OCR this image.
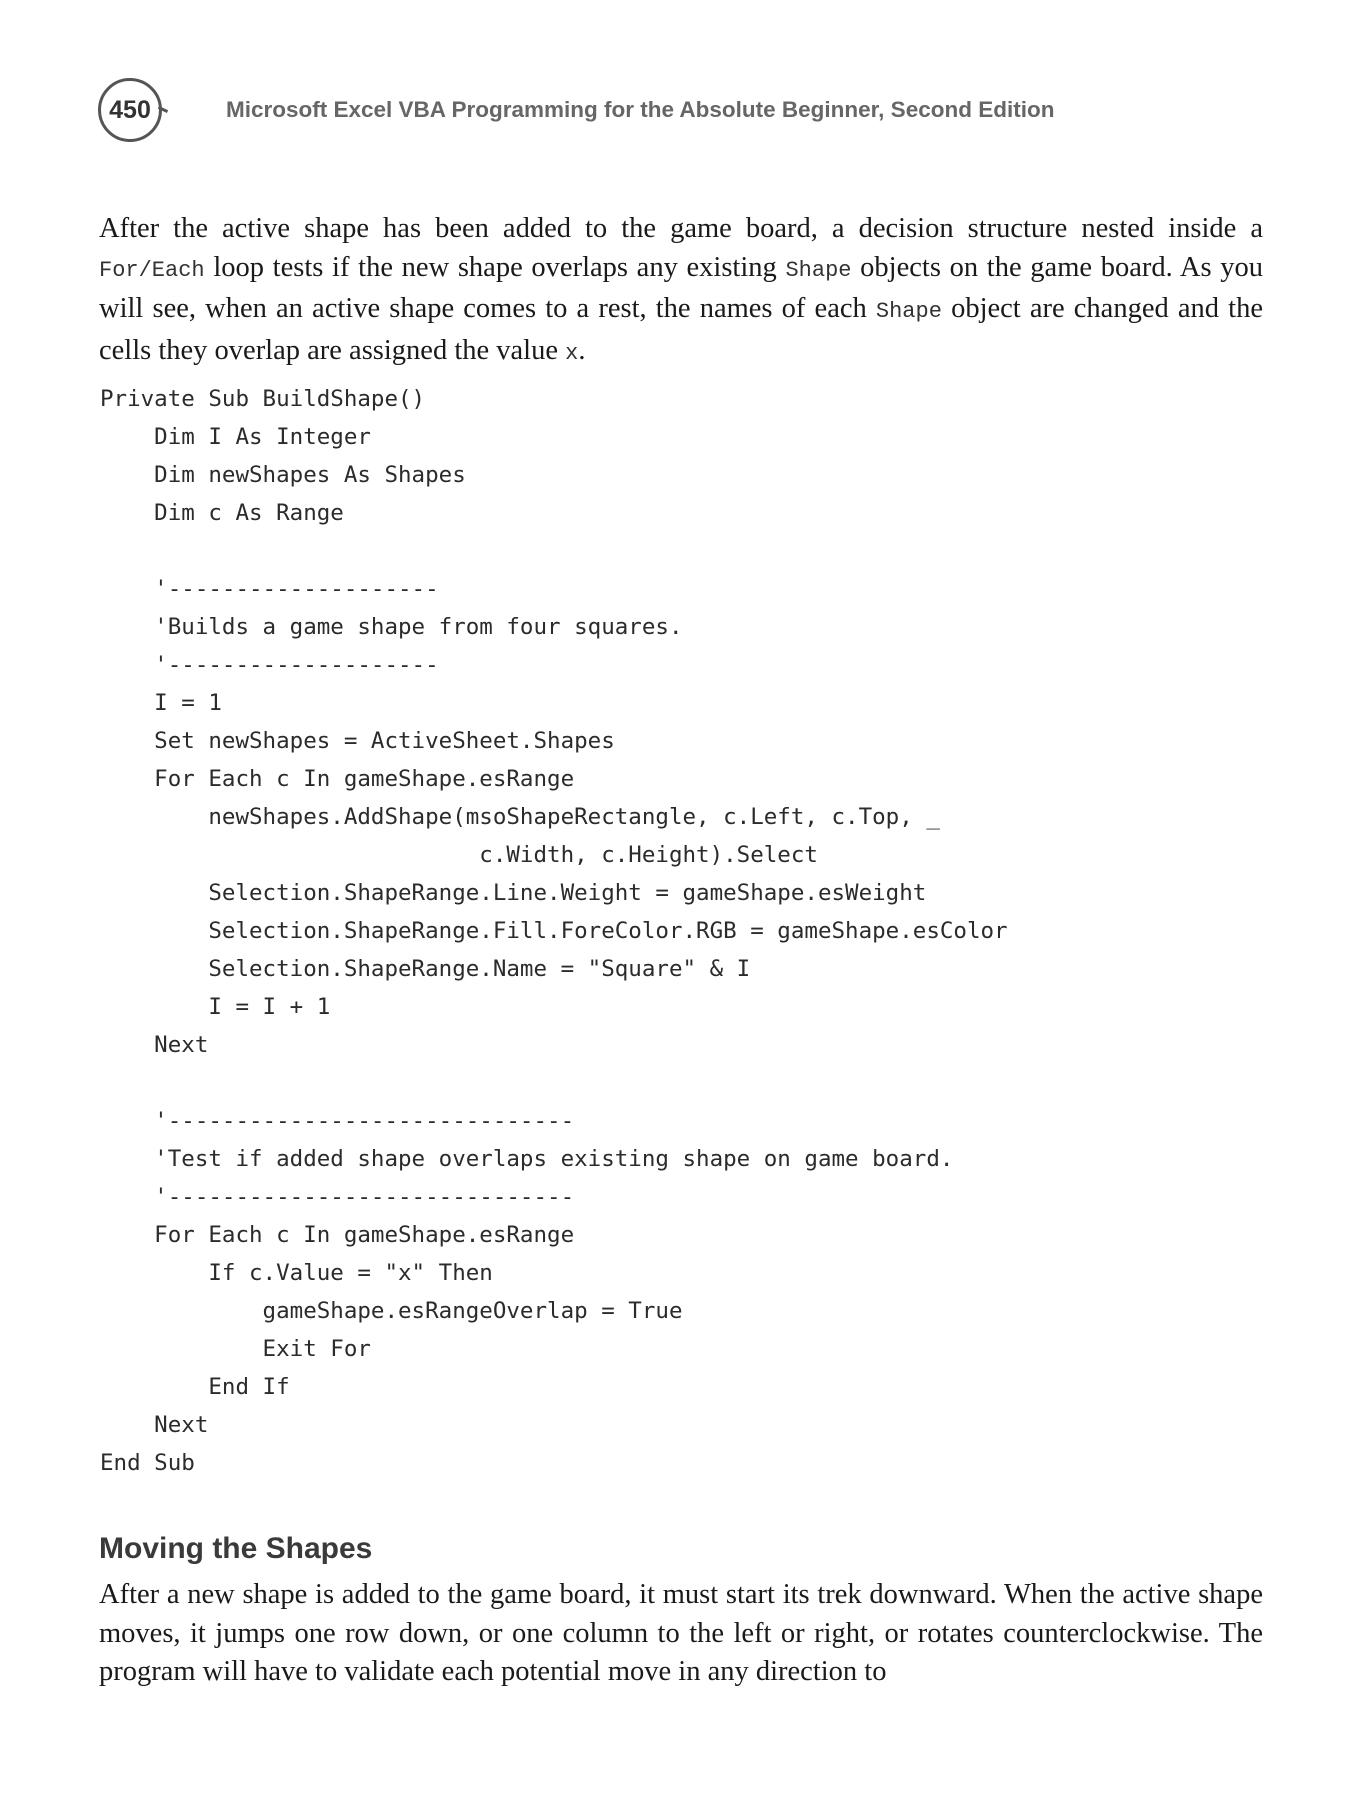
450	Microsoft Excel VBA Programming for the Absolute Beginner, Second Edition

After the active shape has been added to the game board, a decision structure nested inside a For/Each loop tests if the new shape overlaps any existing Shape objects on the game board. As you will see, when an active shape comes to a rest, the names of each Shape object are changed and the cells they overlap are assigned the value x.

Private Sub BuildShape()
Dim I As Integer
Dim newShapes As Shapes
Dim c As Range
'--------------------
'Builds a game shape from four squares.
'--------------------
I = 1
Set newShapes = ActiveSheet.Shapes
For Each c In gameShape.esRange
newShapes.AddShape(msoShapeRectangle, c.Left, c.Top, _
c.Width, c.Height).Select
Selection.ShapeRange.Line.Weight = gameShape.esWeight
Selection.ShapeRange.Fill.ForeColor.RGB = gameShape.esColor
Selection.ShapeRange.Name = "Square" & I
I = I + 1
Next
'------------------------------
'Test if added shape overlaps existing shape on game board.
'------------------------------
For Each c In gameShape.esRange
If c.Value = "x" Then
gameShape.esRangeOverlap = True
Exit For
End If
Next
End Sub
Moving the Shapes

After a new shape is added to the game board, it must start its trek downward. When the active shape moves, it jumps one row down, or one column to the left or right, or rotates counterclockwise. The program will have to validate each potential move in any direction to
